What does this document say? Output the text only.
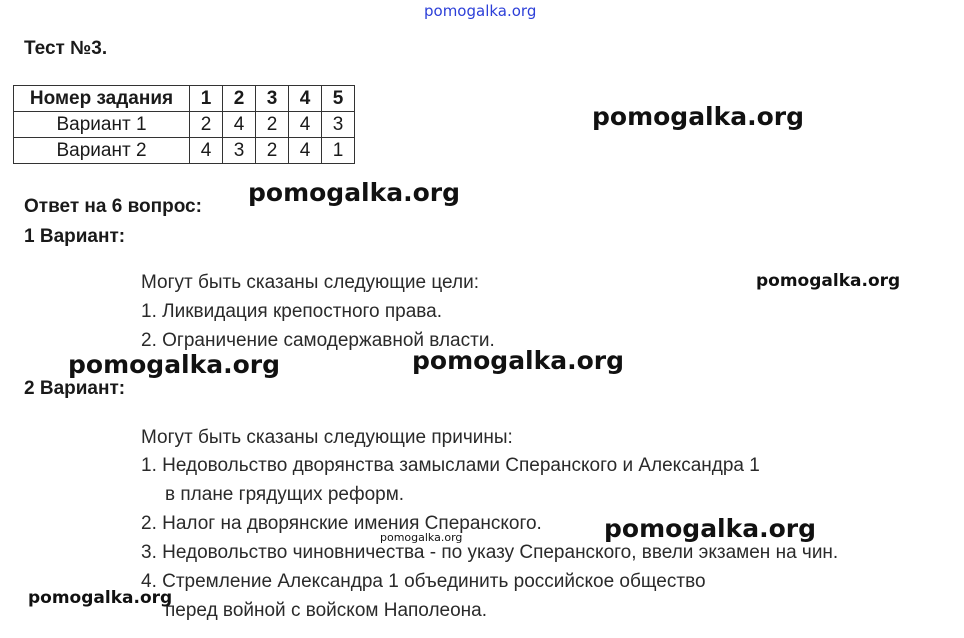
pomogalka.org
Тест №3.
Номер задания	1	2	3	4	5
Вариант 1	2	4	2	4	3
Вариант 2	4	3	2	4	1
Ответ на 6 вопрос:
1 Вариант:
Могут быть сказаны следующие цели:
1. Ликвидация крепостного права.
2. Ограничение самодержавной власти.
2 Вариант:
Могут быть сказаны следующие причины:
1. Недовольство дворянства замыслами Сперанского и Александра 1
в плане грядущих реформ.
2. Налог на дворянские имения Сперанского.
3. Недовольство чиновничества - по указу Сперанского, ввели экзамен на чин.
4. Стремление Александра 1 объединить российское общество
перед войной с войском Наполеона.
pomogalka.org
pomogalka.org
pomogalka.org
pomogalka.org	pomogalka.org
pomogalka.org
pomogalka.org
pomogalka.org
